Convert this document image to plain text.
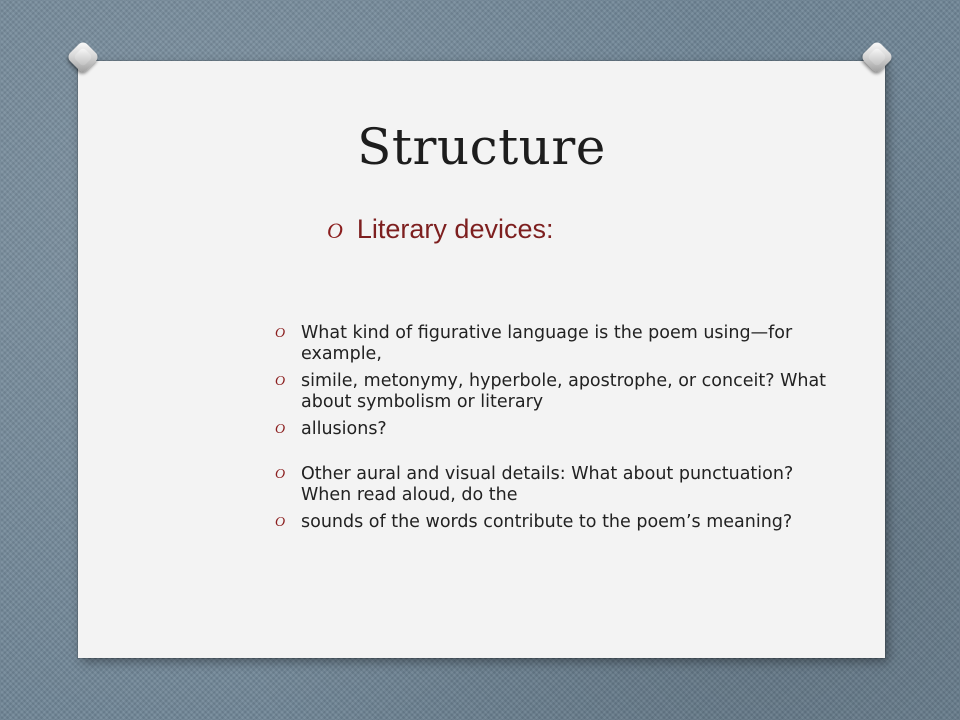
Structure
O Literary devices:
O What kind of figurative language is the poem using—for example,
O simile, metonymy, hyperbole, apostrophe, or conceit? What about symbolism or literary
O allusions?
O Other aural and visual details: What about punctuation? When read aloud, do the
O sounds of the words contribute to the poem’s meaning?
